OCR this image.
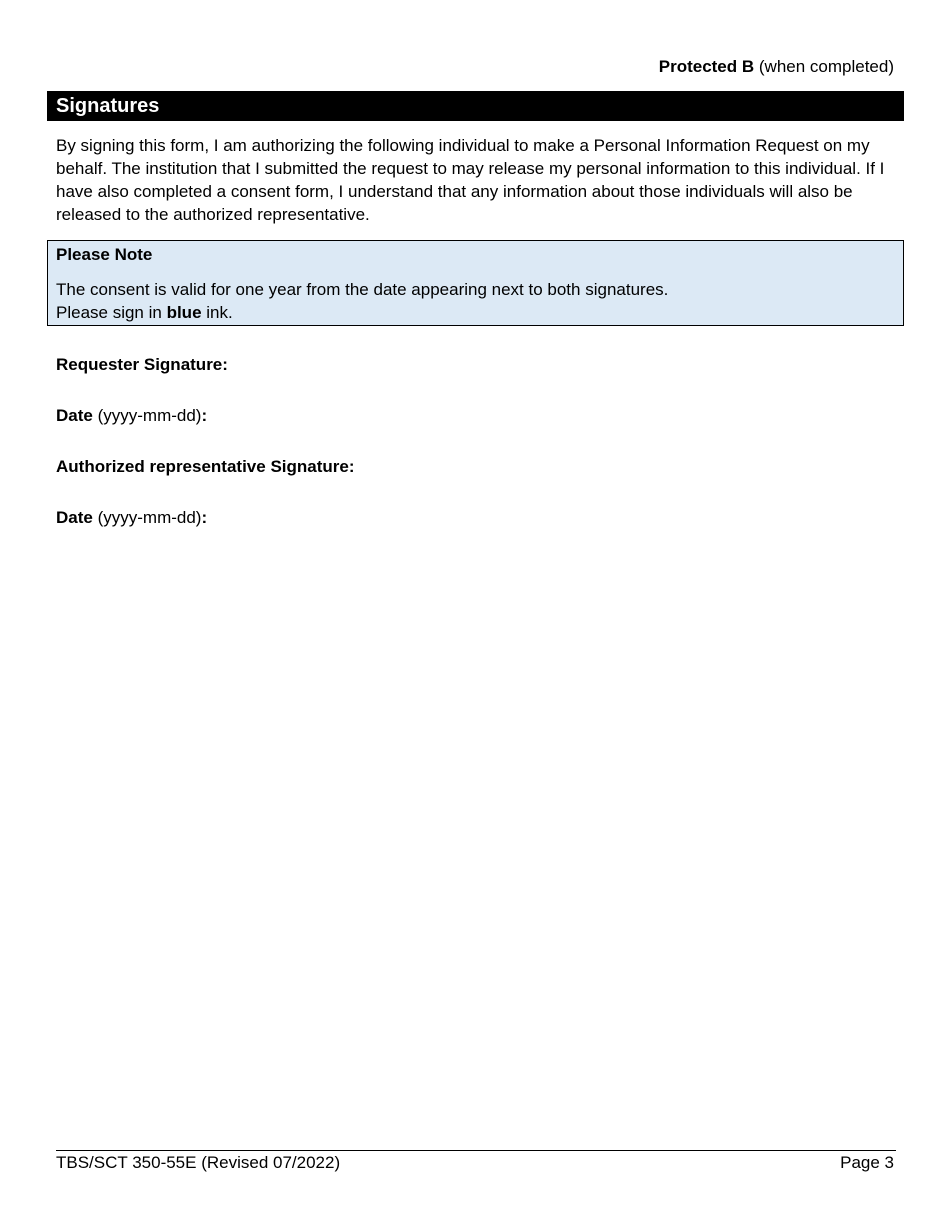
Protected B (when completed)
Signatures

By signing this form, I am authorizing the following individual to make a Personal Information Request on my behalf. The institution that I submitted the request to may release my personal information to this individual. If I have also completed a consent form, I understand that any information about those individuals will also be released to the authorized representative.

Please Note
The consent is valid for one year from the date appearing next to both signatures.
Please sign in blue ink.
Requester Signature:
Date (yyyy-mm-dd):
Authorized representative Signature:
Date (yyyy-mm-dd):
TBS/SCT 350-55E (Revised 07/2022)	Page 3
